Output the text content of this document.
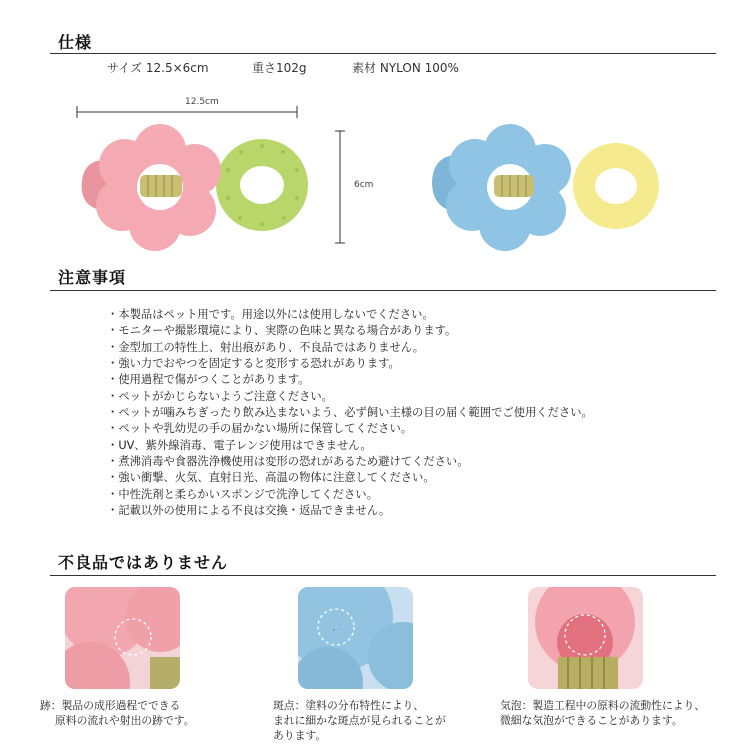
仕様
サイズ 12.5×6cm	重さ102g	素材 NYLON 100%
12.5cm
6cm
注意事項
・ 本製品はペット用です。用途以外には使用しないでください。
・ モニターや撮影環境により、実際の色味と異なる場合があります。
・ 金型加工の特性上、射出痕があり、不良品ではありません。
・ 強い力でおやつを固定すると変形する恐れがあります。
・ 使用過程で傷がつくことがあります。
・ ペットがかじらないようご注意ください。
・ ペットが噛みちぎったり飲み込まないよう、必ず飼い主様の目の届く範囲でご使用ください。
・ ペットや乳幼児の手の届かない場所に保管してください。
・ UV、紫外線消毒、電子レンジ使用はできません。
・ 煮沸消毒や食器洗浄機使用は変形の恐れがあるため避けてください。
・ 強い衝撃、火気、直射日光、高温の物体に注意してください。
・ 中性洗剤と柔らかいスポンジで洗浄してください。
・ 記載以外の使用による不良は交換・返品できません。
不良品ではありません
跡：製品の成形過程でできる
原料の流れや射出の跡です。
斑点：塗料の分布特性により、
まれに細かな斑点が見られることが
あります。
気泡：製造工程中の原料の流動性により、
微細な気泡ができることがあります。
